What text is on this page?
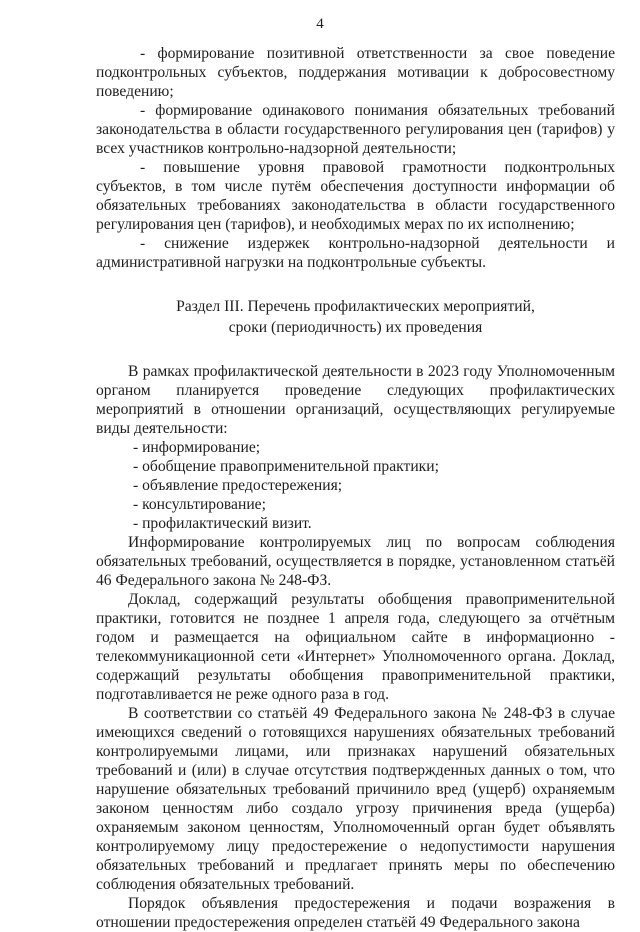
4

- формирование позитивной ответственности за свое поведение подконтрольных субъектов, поддержания мотивации к добросовестному поведению;

- формирование одинакового понимания обязательных требований законодательства в области государственного регулирования цен (тарифов) у всех участников контрольно-надзорной деятельности;

- повышение уровня правовой грамотности подконтрольных субъектов, в том числе путём обеспечения доступности информации об обязательных требованиях законодательства в области государственного регулирования цен (тарифов), и необходимых мерах по их исполнению;

- снижение издержек контрольно-надзорной деятельности и административной нагрузки на подконтрольные субъекты.

Раздел III. Перечень профилактических мероприятий,
сроки (периодичность) их проведения

В рамках профилактической деятельности в 2023 году Уполномоченным органом планируется проведение следующих профилактических мероприятий в отношении организаций, осуществляющих регулируемые виды деятельности:

- информирование;

- обобщение правоприменительной практики;

- объявление предостережения;

- консультирование;

- профилактический визит.

Информирование контролируемых лиц по вопросам соблюдения обязательных требований, осуществляется в порядке, установленном статьёй 46 Федерального закона № 248-ФЗ.

Доклад, содержащий результаты обобщения правоприменительной практики, готовится не позднее 1 апреля года, следующего за отчётным годом и размещается на официальном сайте в информационно - телекоммуникационной сети «Интернет» Уполномоченного органа. Доклад, содержащий результаты обобщения правоприменительной практики, подготавливается не реже одного раза в год.

В соответствии со статьёй 49 Федерального закона № 248-ФЗ в случае имеющихся сведений о готовящихся нарушениях обязательных требований контролируемыми лицами, или признаках нарушений обязательных требований и (или) в случае отсутствия подтвержденных данных о том, что нарушение обязательных требований причинило вред (ущерб) охраняемым законом ценностям либо создало угрозу причинения вреда (ущерба) охраняемым законом ценностям, Уполномоченный орган будет объявлять контролируемому лицу предостережение о недопустимости нарушения обязательных требований и предлагает принять меры по обеспечению соблюдения обязательных требований.

Порядок объявления предостережения и подачи возражения в отношении предостережения определен статьёй 49 Федерального закона
